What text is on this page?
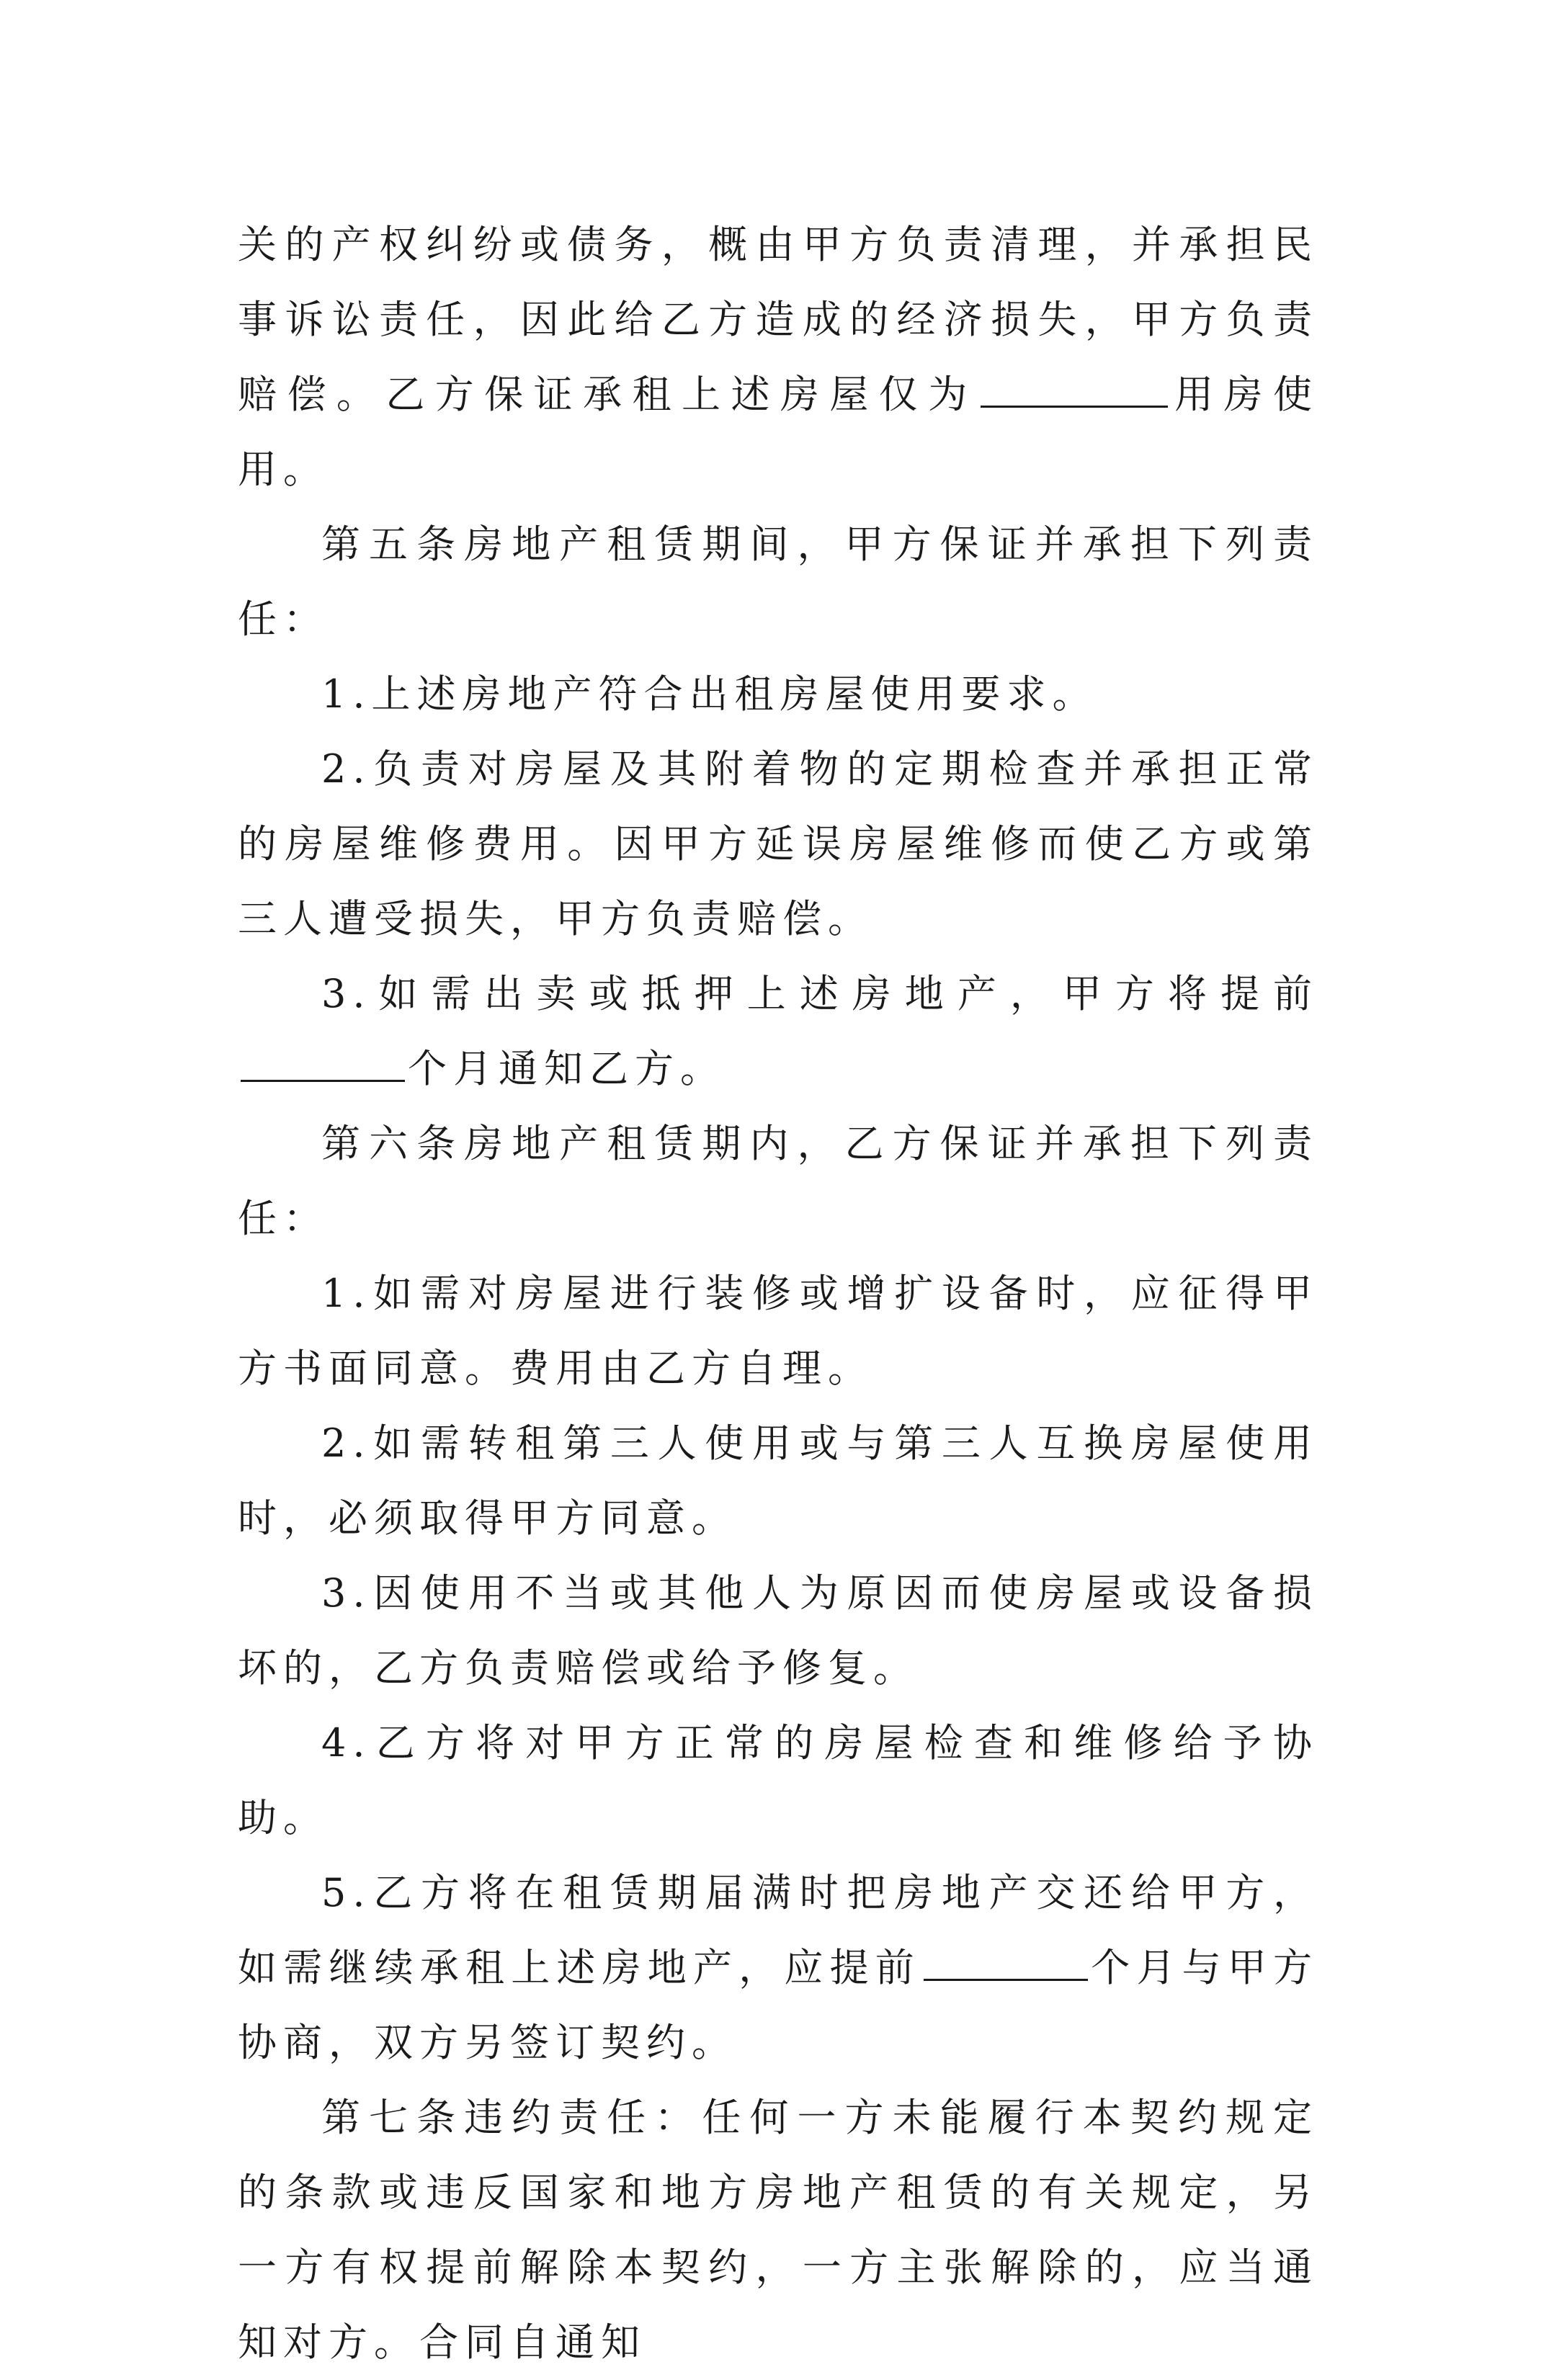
关的产权纠纷或债务，概由甲方负责清理，并承担民事诉讼责任，因此给乙方造成的经济损失，甲方负责赔偿。乙方保证承租上述房屋仅为	用房使用。

第五条房地产租赁期间，甲方保证并承担下列责任：

1.上述房地产符合出租房屋使用要求。

2.负责对房屋及其附着物的定期检查并承担正常的房屋维修费用。因甲方延误房屋维修而使乙方或第三人遭受损失，甲方负责赔偿。

3.如需出卖或抵押上述房地产，甲方将提前个月通知乙方。

第六条房地产租赁期内，乙方保证并承担下列责任：

1.如需对房屋进行装修或增扩设备时，应征得甲方书面同意。费用由乙方自理。

2.如需转租第三人使用或与第三人互换房屋使用时，必须取得甲方同意。

3.因使用不当或其他人为原因而使房屋或设备损坏的，乙方负责赔偿或给予修复。

4.乙方将对甲方正常的房屋检查和维修给予协助。

5.乙方将在租赁期届满时把房地产交还给甲方，如需继续承租上述房地产，应提前	个月与甲方协商，双方另签订契约。

第七条违约责任：任何一方未能履行本契约规定的条款或违反国家和地方房地产租赁的有关规定，另一方有权提前解除本契约，一方主张解除的，应当通知对方。合同自通知
